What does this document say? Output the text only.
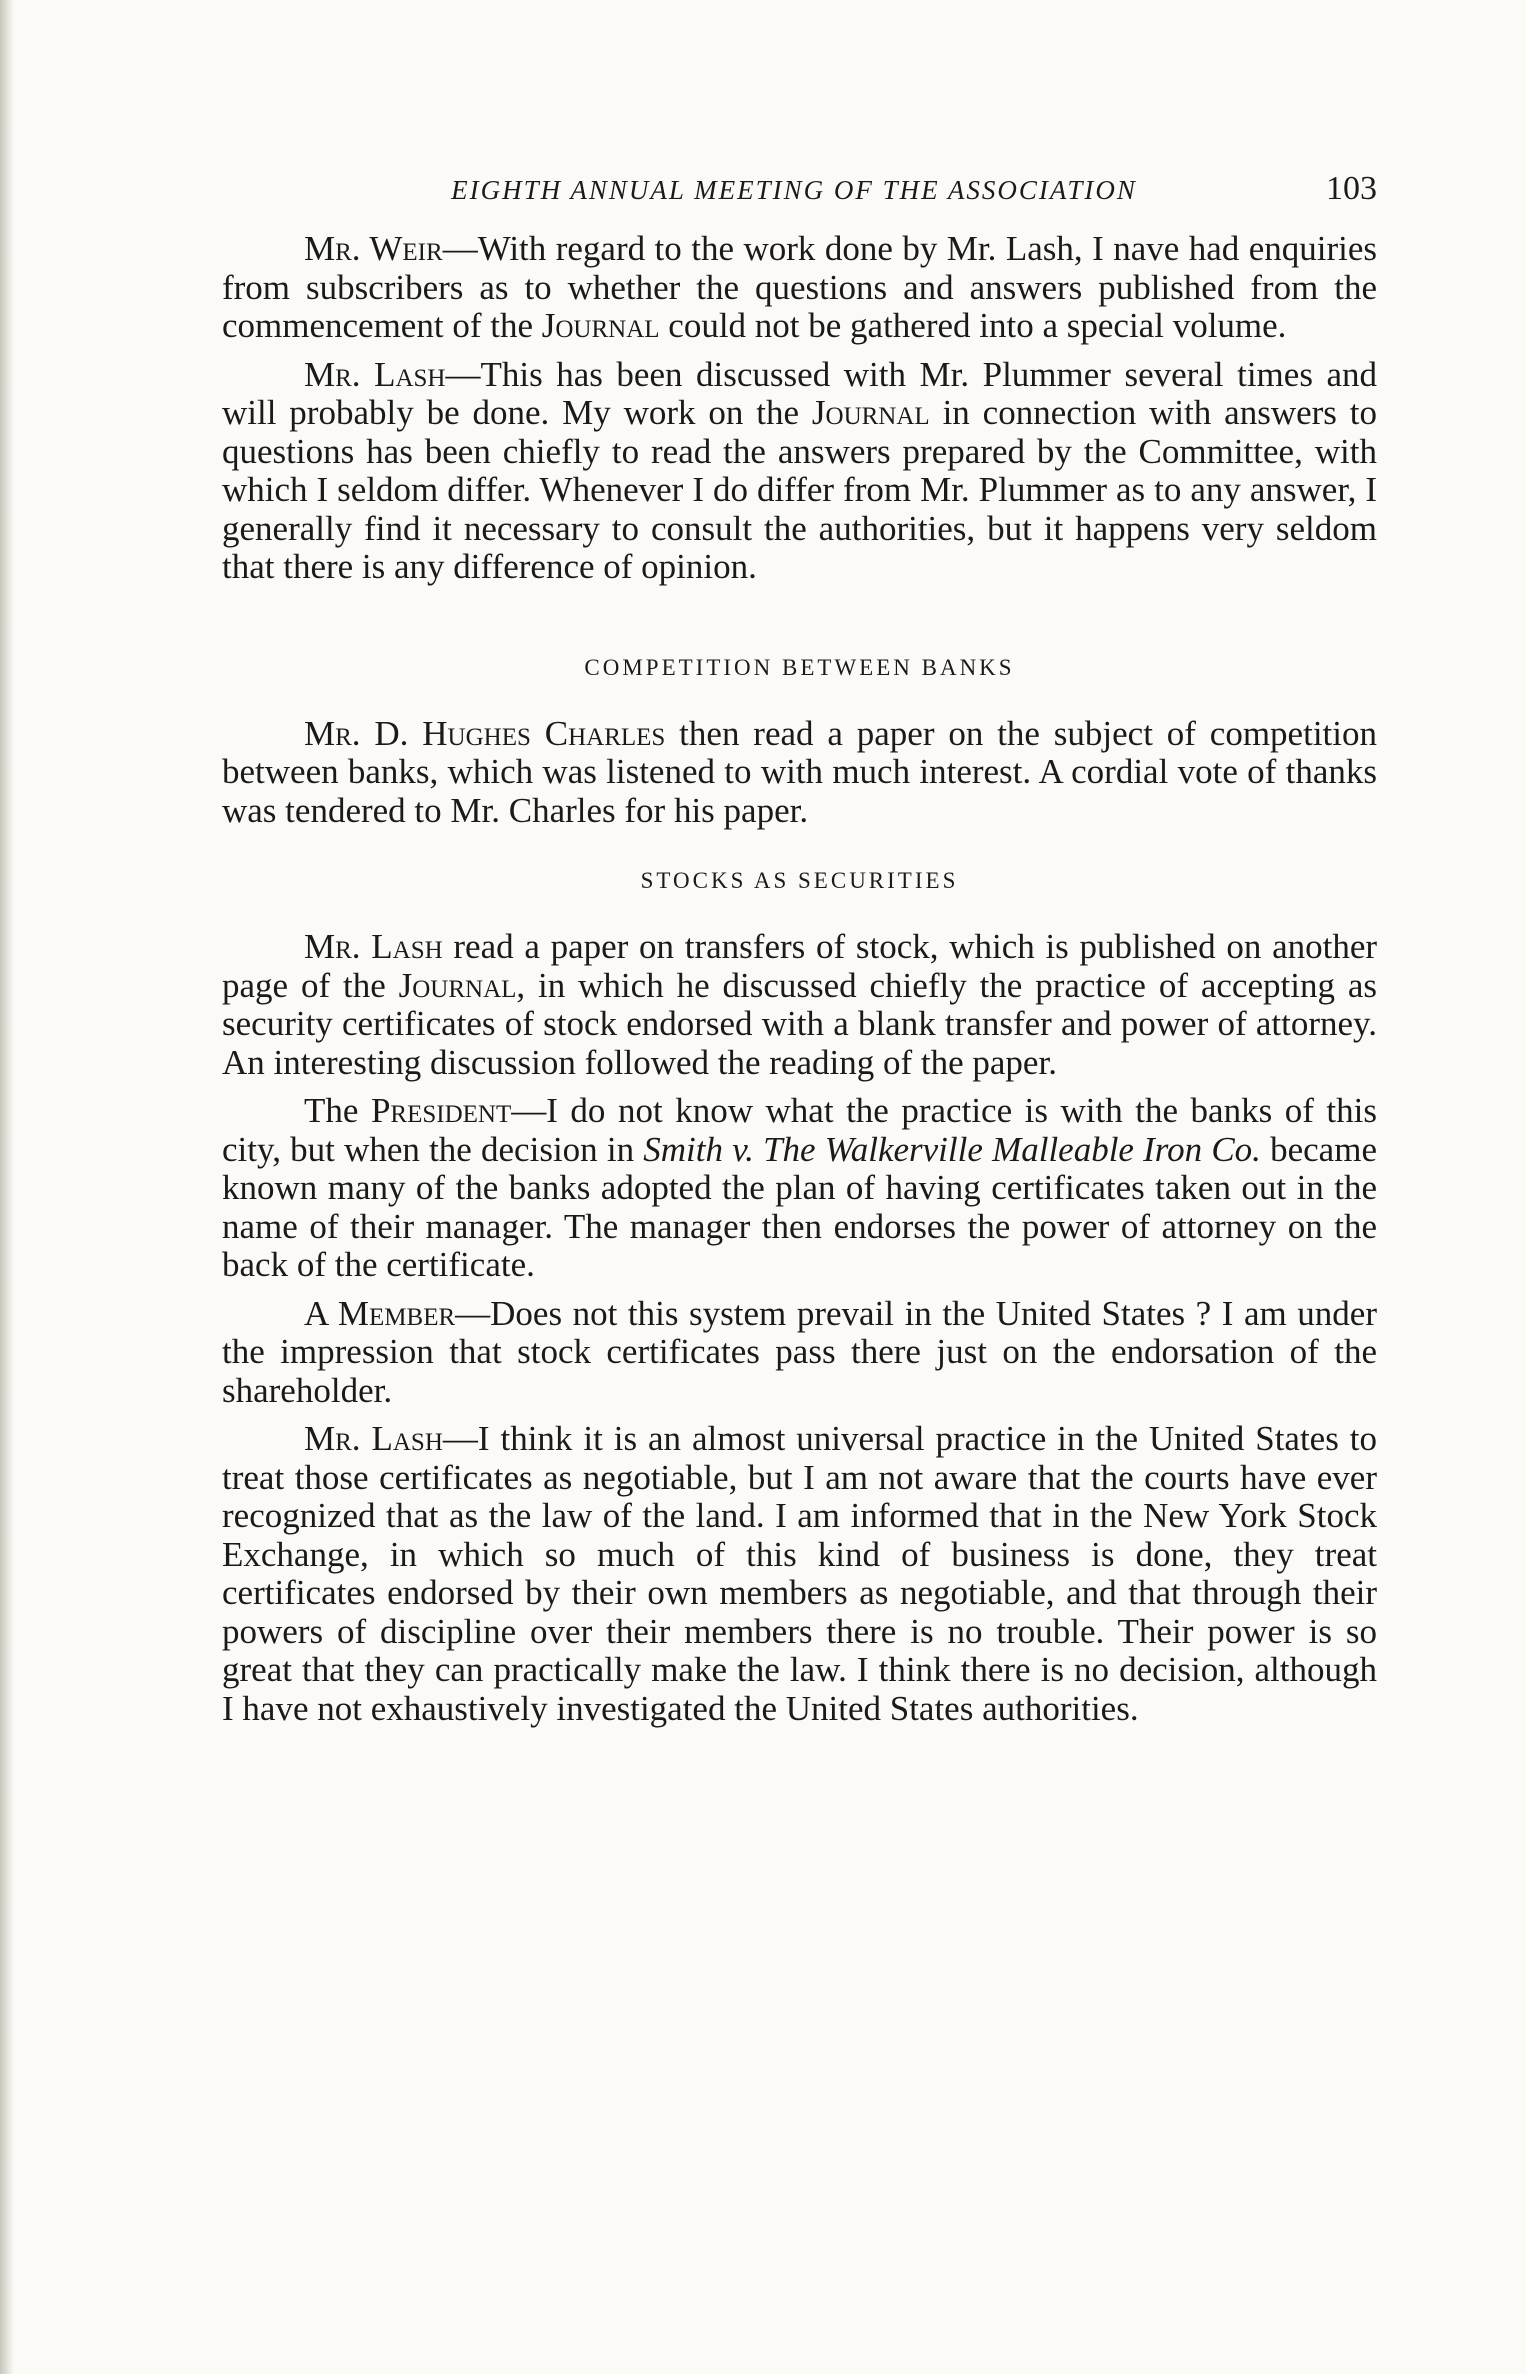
EIGHTH ANNUAL MEETING OF THE ASSOCIATION	103

Mr. Weir—With regard to the work done by Mr. Lash, I nave had enquiries from subscribers as to whether the questions and answers published from the commencement of the Journal could not be gathered into a special volume.

Mr. Lash—This has been discussed with Mr. Plummer several times and will probably be done. My work on the Journal in connection with answers to questions has been chiefly to read the answers prepared by the Committee, with which I seldom differ. Whenever I do differ from Mr. Plummer as to any answer, I generally find it necessary to consult the authorities, but it happens very seldom that there is any difference of opinion.

COMPETITION BETWEEN BANKS

Mr. D. Hughes Charles then read a paper on the subject of competition between banks, which was listened to with much interest. A cordial vote of thanks was tendered to Mr. Charles for his paper.

STOCKS AS SECURITIES

Mr. Lash read a paper on transfers of stock, which is published on another page of the Journal, in which he discussed chiefly the practice of accepting as security certificates of stock endorsed with a blank transfer and power of attorney. An interesting discussion followed the reading of the paper.

The President—I do not know what the practice is with the banks of this city, but when the decision in Smith v. The Walkerville Malleable Iron Co. became known many of the banks adopted the plan of having certificates taken out in the name of their manager. The manager then endorses the power of attorney on the back of the certificate.

A Member—Does not this system prevail in the United States ? I am under the impression that stock certificates pass there just on the endorsation of the shareholder.

Mr. Lash—I think it is an almost universal practice in the United States to treat those certificates as negotiable, but I am not aware that the courts have ever recognized that as the law of the land. I am informed that in the New York Stock Exchange, in which so much of this kind of business is done, they treat certificates endorsed by their own members as negotiable, and that through their powers of discipline over their members there is no trouble. Their power is so great that they can practically make the law. I think there is no decision, although I have not exhaustively investigated the United States authorities.
